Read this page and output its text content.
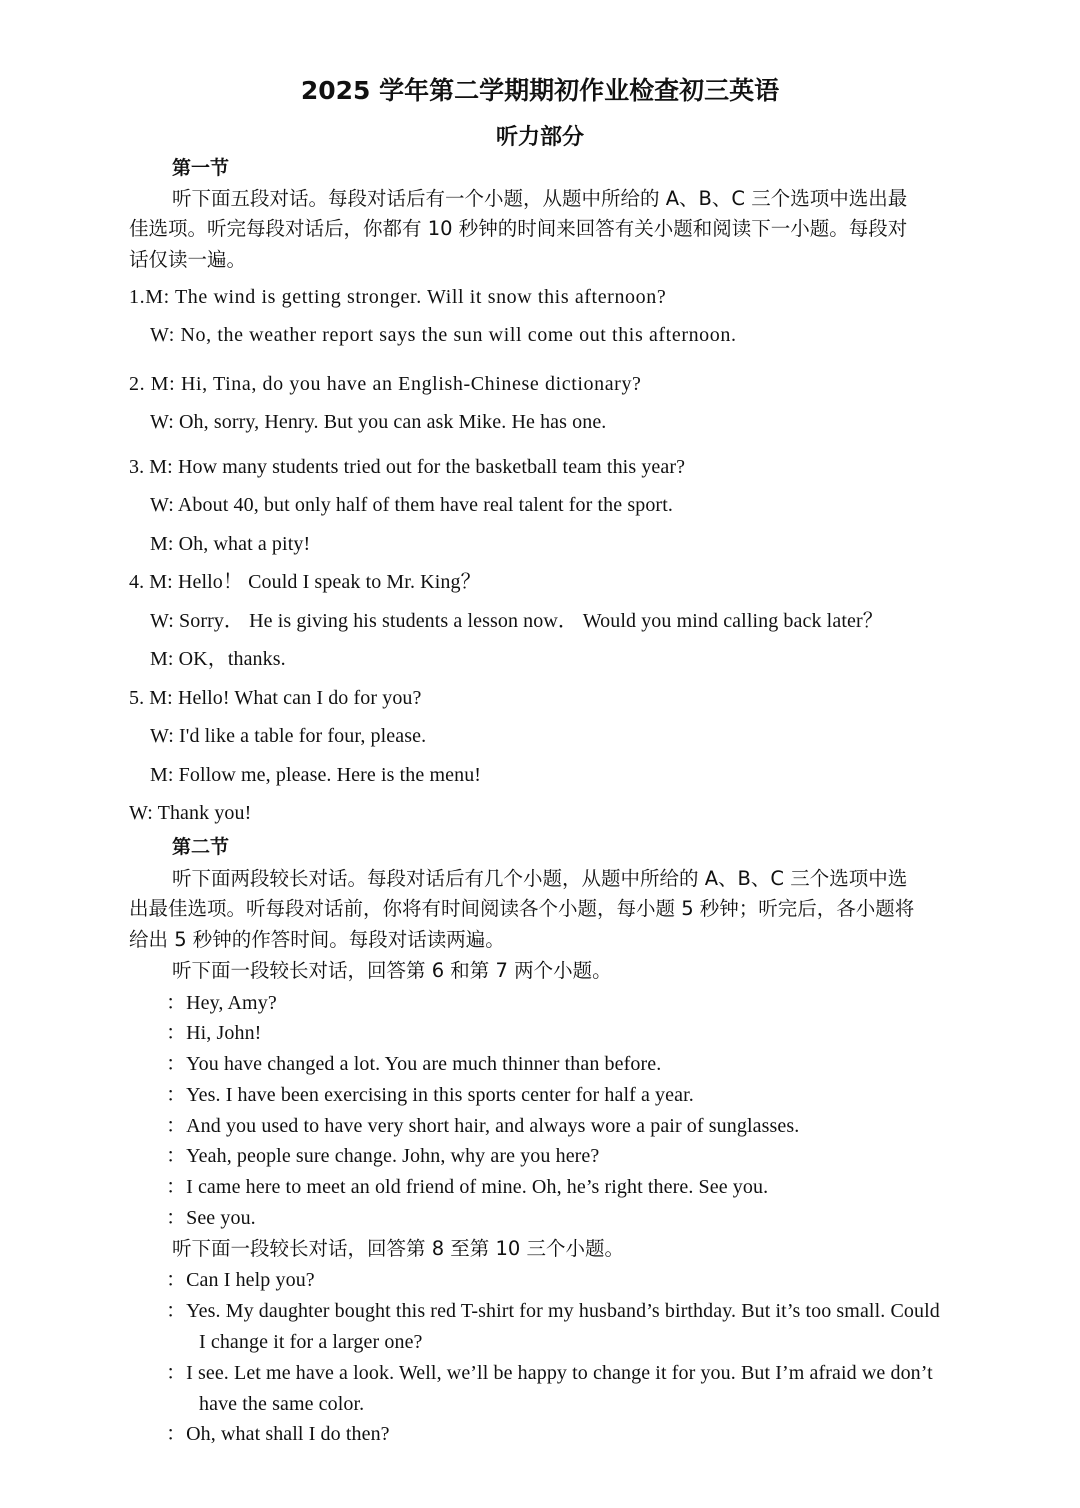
2025 学年第二学期期初作业检查初三英语
听力部分
第一节
听下面五段对话。每段对话后有一个小题，从题中所给的 A、B、C 三个选项中选出最
佳选项。听完每段对话后，你都有 10 秒钟的时间来回答有关小题和阅读下一小题。每段对
话仅读一遍。
1.M: The wind is getting stronger. Will it snow this afternoon?
W: No, the weather report says the sun will come out this afternoon.
2. M: Hi, Tina, do you have an English-Chinese dictionary?
W: Oh, sorry, Henry. But you can ask Mike. He has one.
3. M: How many students tried out for the basketball team this year?
W: About 40, but only half of them have real talent for the sport.
M: Oh, what a pity!
4. M: Hello！ Could I speak to Mr. King？
W: Sorry． He is giving his students a lesson now． Would you mind calling back later？
M: OK，thanks.
5. M: Hello! What can I do for you?
W: I'd like a table for four, please.
M: Follow me, please. Here is the menu!
W: Thank you!
第二节
听下面两段较长对话。每段对话后有几个小题，从题中所给的 A、B、C 三个选项中选
出最佳选项。听每段对话前，你将有时间阅读各个小题，每小题 5 秒钟；听完后，各小题将
给出 5 秒钟的作答时间。每段对话读两遍。
听下面一段较长对话，回答第 6 和第 7 两个小题。
：Hey, Amy?
：Hi, John!
：You have changed a lot. You are much thinner than before.
：Yes. I have been exercising in this sports center for half a year.
：And you used to have very short hair, and always wore a pair of sunglasses.
：Yeah, people sure change. John, why are you here?
：I came here to meet an old friend of mine. Oh, he’s right there. See you.
：See you.
听下面一段较长对话，回答第 8 至第 10 三个小题。
：Can I help you?
：Yes. My daughter bought this red T-shirt for my husband’s birthday. But it’s too small. Could
I change it for a larger one?
：I see. Let me have a look. Well, we’ll be happy to change it for you. But I’m afraid we don’t
have the same color.
：Oh, what shall I do then?
